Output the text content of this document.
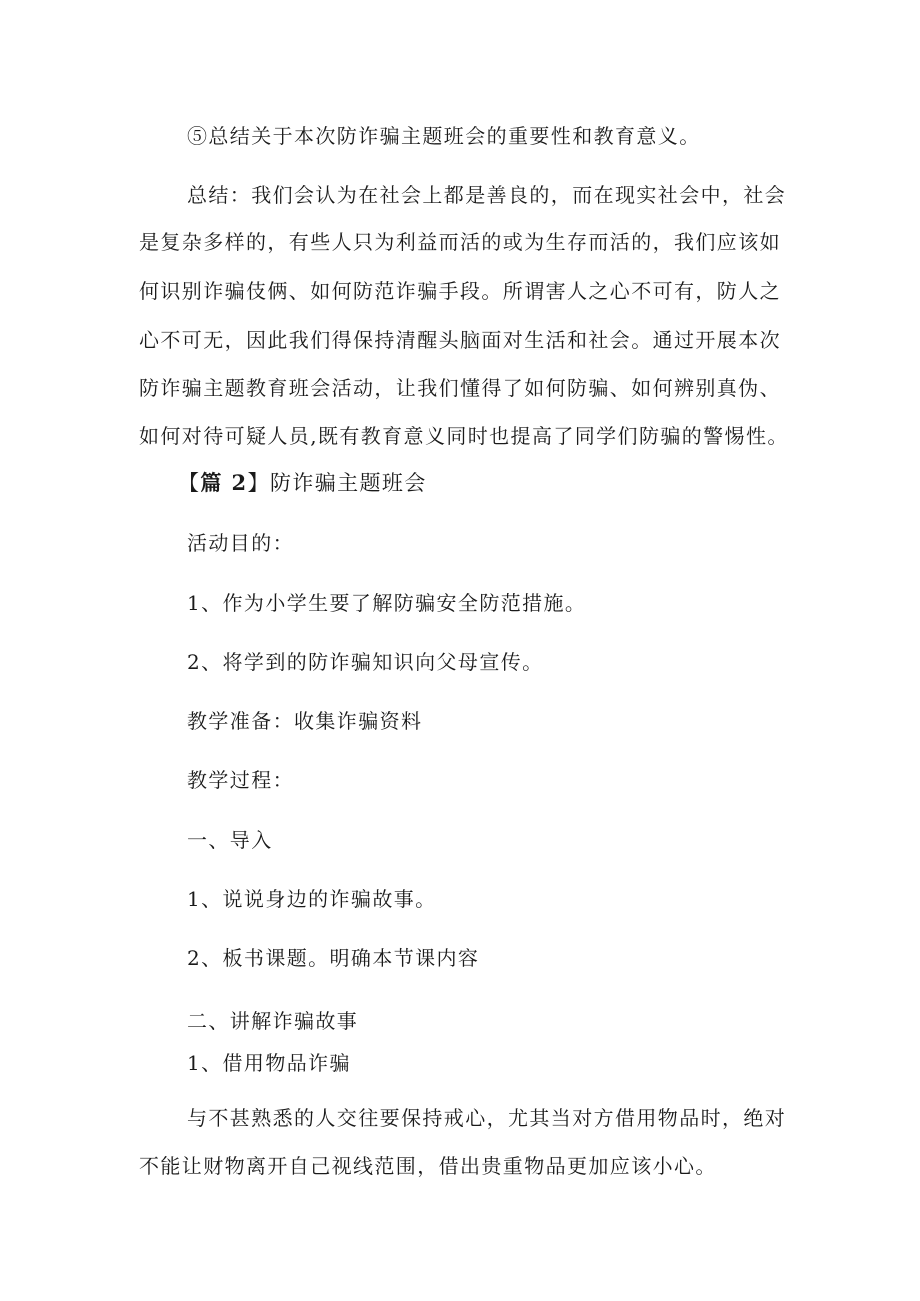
⑤总结关于本次防诈骗主题班会的重要性和教育意义。
总结：我们会认为在社会上都是善良的，而在现实社会中，社会
是复杂多样的，有些人只为利益而活的或为生存而活的，我们应该如
何识别诈骗伎俩、如何防范诈骗手段。所谓害人之心不可有，防人之
心不可无，因此我们得保持清醒头脑面对生活和社会。通过开展本次
防诈骗主题教育班会活动，让我们懂得了如何防骗、如何辨别真伪、
如何对待可疑人员,既有教育意义同时也提高了同学们防骗的警惕性。
【篇 2】防诈骗主题班会
活动目的：
1、作为小学生要了解防骗安全防范措施。
2、将学到的防诈骗知识向父母宣传。
教学准备：收集诈骗资料
教学过程：
一、导入
1、说说身边的诈骗故事。
2、板书课题。明确本节课内容
二、讲解诈骗故事
1、借用物品诈骗
与不甚熟悉的人交往要保持戒心，尤其当对方借用物品时，绝对
不能让财物离开自己视线范围，借出贵重物品更加应该小心。
